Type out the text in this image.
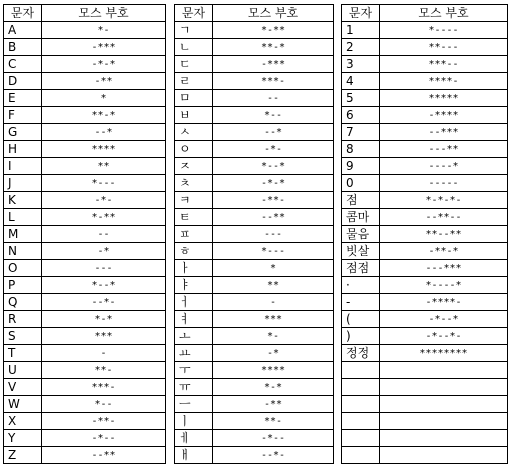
문자	모스 부호
A	*-
B	-***
C	-*-*
D	-**
E	*
F	**-*
G	--*
H	****
I	**
J	*---
K	-*-
L	*-**
M	--
N	-*
O	---
P	*--*
Q	--*-
R	*-*
S	***
T	-
U	**-
V	***-
W	*--
X	-**-
Y	-*--
Z	--**
문자	모스 부호
ㄱ	*-**
ㄴ	**-*
ㄷ	-***
ㄹ	***-
ㅁ	--
ㅂ	*--
ㅅ	--*
ㅇ	-*-
ㅈ	*--*
ㅊ	-*-*
ㅋ	-**-
ㅌ	--**
ㅍ	---
ㅎ	*---
ㅏ	*
ㅑ	**
ㅓ	-
ㅕ	***
ㅗ	*-
ㅛ	-*
ㅜ	****
ㅠ	*-*
ㅡ	-**
ㅣ	**-
ㅔ	-*--
ㅐ	--*-
문자	모스 부호
1	*----
2	**---
3	***--
4	****-
5	*****
6	-****
7	--***
8	---**
9	----*
0	-----
점	*-*-*-
콤마	--**--
물음	**--**
빗살	-**-*
점점	---***
·	*----*
-	-****-
(	-*--*
)	-*--*-
정정	********
